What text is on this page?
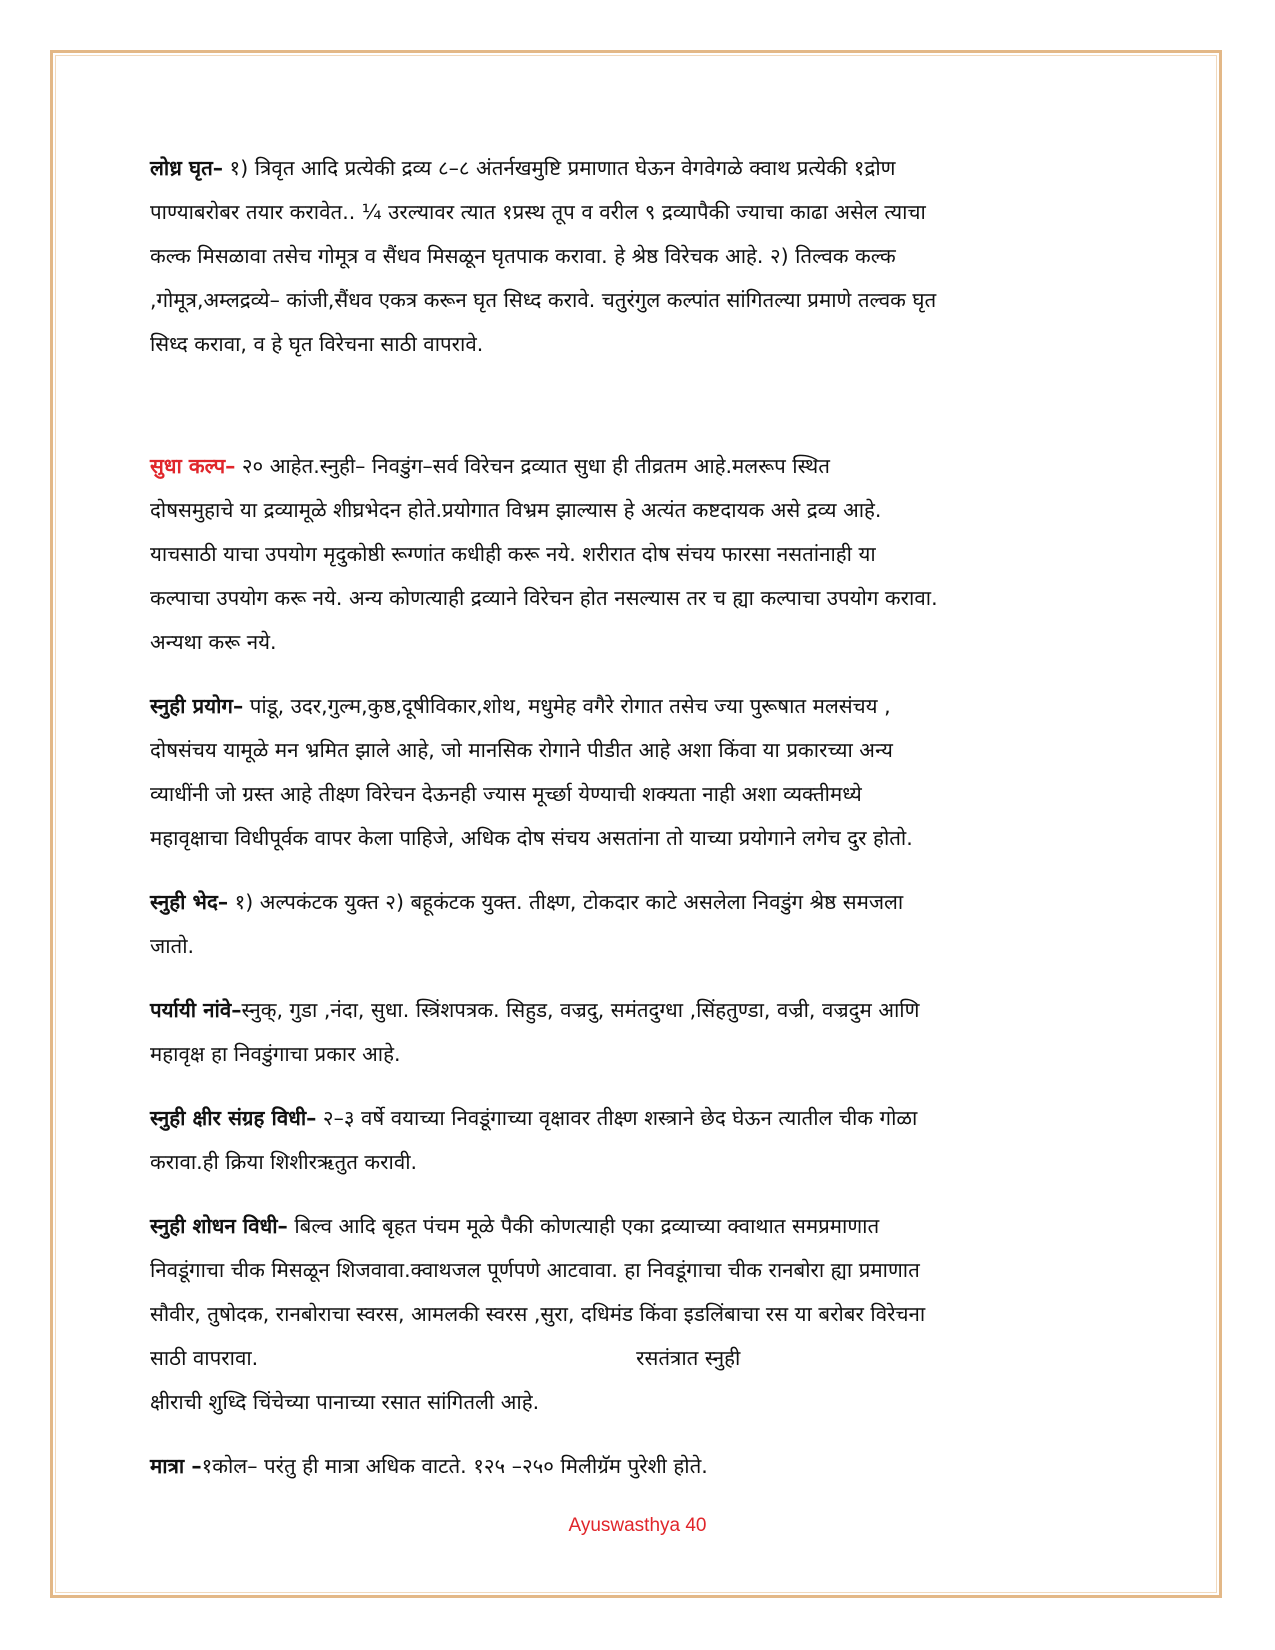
लोध्र घृत– १) त्रिवृत आदि प्रत्येकी द्रव्य ८–८ अंतर्नखमुष्टि प्रमाणात घेऊन वेगवेगळे क्वाथ प्रत्येकी १द्रोण
पाण्याबरोबर तयार करावेत.. ¼ उरल्यावर त्यात १प्रस्थ तूप व वरील ९ द्रव्यापैकी ज्याचा काढा असेल त्याचा
कल्क मिसळावा तसेच गोमूत्र व सैंधव मिसळून घृतपाक करावा. हे श्रेष्ठ विरेचक आहे. २) तिल्वक कल्क
,गोमूत्र,अम्लद्रव्ये– कांजी,सैंधव एकत्र करून घृत सिध्द करावे. चतुरंगुल कल्पांत सांगितल्या प्रमाणे तल्वक घृत
सिध्द करावा, व हे घृत विरेचना साठी वापरावे.

सुधा कल्प– २० आहेत.स्नुही– निवडुंग–सर्व विरेचन द्रव्यात सुधा ही तीव्रतम आहे.मलरूप स्थित
दोषसमुहाचे या द्रव्यामूळे शीघ्रभेदन होते.प्रयोगात विभ्रम झाल्यास हे अत्यंत कष्टदायक असे द्रव्य आहे.
याचसाठी याचा उपयोग मृदुकोष्ठी रूग्णांत कधीही करू नये. शरीरात दोष संचय फारसा नसतांनाही या
कल्पाचा उपयोग करू नये. अन्य कोणत्याही द्रव्याने विरेचन होत नसल्यास तर च ह्या कल्पाचा उपयोग करावा.
अन्यथा करू नये.

स्नुही प्रयोग– पांडू, उदर,गुल्म,कुष्ठ,दूषीविकार,शोथ, मधुमेह वगैरे रोगात तसेच ज्या पुरूषात मलसंचय ,
दोषसंचय यामूळे मन भ्रमित झाले आहे, जो मानसिक रोगाने पीडीत आहे अशा किंवा या प्रकारच्या अन्य
व्याधींनी जो ग्रस्त आहे तीक्ष्ण विरेचन देऊनही ज्यास मूर्च्छा येण्याची शक्यता नाही अशा व्यक्तीमध्ये
महावृक्षाचा विधीपूर्वक वापर केला पाहिजे, अधिक दोष संचय असतांना तो याच्या प्रयोगाने लगेच दुर होतो.

स्नुही भेद– १) अल्पकंटक युक्त २) बहूकंटक युक्त. तीक्ष्ण, टोकदार काटे असलेला निवडुंग श्रेष्ठ समजला
जातो.

पर्यायी नांवे–स्नुक्, गुडा ,नंदा, सुधा. स्त्रिंशपत्रक. सिहुड, वज्रदु, समंतदुग्धा ,सिंहतुण्डा, वज्री, वज्रदुम आणि
महावृक्ष हा निवडुंगाचा प्रकार आहे.

स्नुही क्षीर संग्रह विधी– २–३ वर्षे वयाच्या निवडूंगाच्या वृक्षावर तीक्ष्ण शस्त्राने छेद घेऊन त्यातील चीक गोळा
करावा.ही क्रिया शिशीरऋतुत करावी.

स्नुही शोधन विधी– बिल्व आदि बृहत पंचम मूळे पैकी कोणत्याही एका द्रव्याच्या क्वाथात समप्रमाणात
निवडूंगाचा चीक मिसळून शिजवावा.क्वाथजल पूर्णपणे आटवावा. हा निवडूंगाचा चीक रानबोरा ह्या प्रमाणात
सौवीर, तुषोदक, रानबोराचा स्वरस, आमलकी स्वरस ,सुरा, दधिमंड किंवा इडलिंबाचा रस या बरोबर विरेचना
साठी वापरावा.                                                          रसतंत्रात स्नुही
क्षीराची शुध्दि चिंचेच्या पानाच्या रसात सांगितली आहे.

मात्रा –१कोल– परंतु ही मात्रा अधिक वाटते. १२५ –२५० मिलीग्रॅम पुरेशी होते.

Ayuswasthya 40
